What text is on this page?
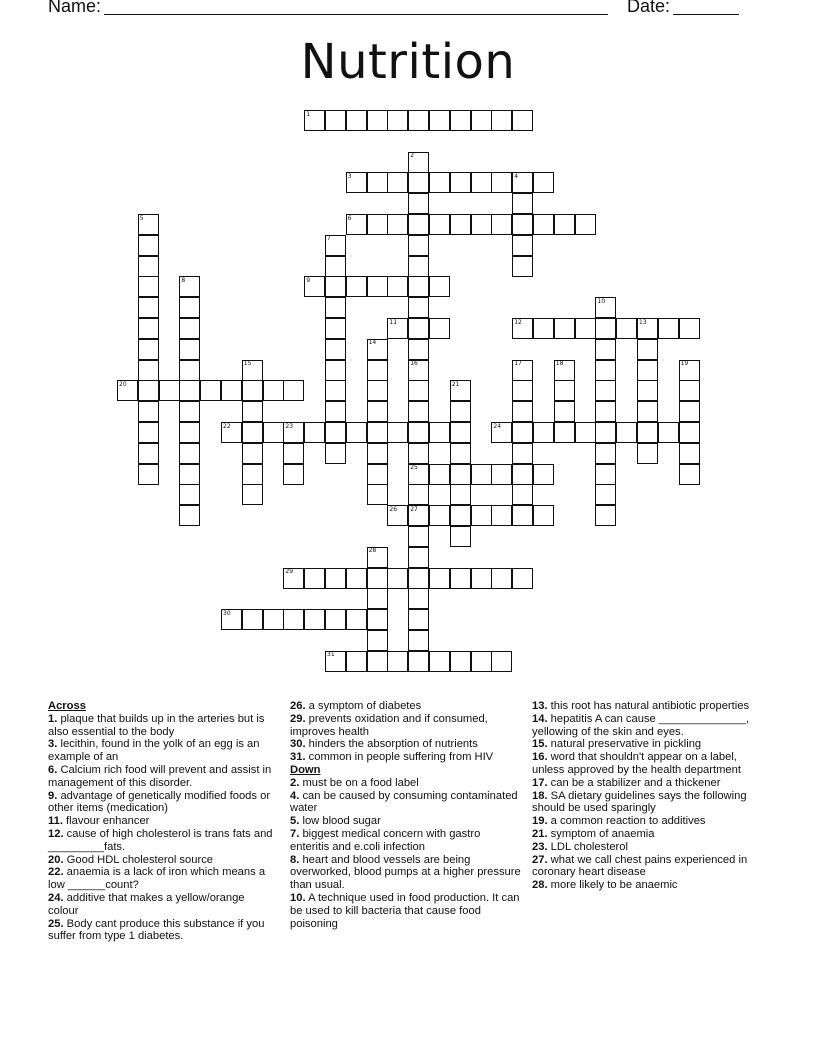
Name:	Date:
Nutrition
1
2
3	4
5	6
7
8	9
10
11	12	13
14
15	16	17	18	19
20	21
22	23	24
25
26 27
28
29
30
31

Across

1. plaque that builds up in the arteries but is also essential to the body

3. lecithin, found in the yolk of an egg is an example of an

6. Calcium rich food will prevent and assist in management of this disorder.

9. advantage of genetically modified foods or other items (medication)

11. flavour enhancer

12. cause of high cholesterol is trans fats and _________fats.

20. Good HDL cholesterol source

22. anaemia is a lack of iron which means a low ______count?

24. additive that makes a yellow/orange colour

25. Body cant produce this substance if you suffer from type 1 diabetes.

26. a symptom of diabetes

29. prevents oxidation and if consumed, improves health

30. hinders the absorption of nutrients

31. common in people suffering from HIV

Down

2. must be on a food label

4. can be caused by consuming contaminated water

5. low blood sugar

7. biggest medical concern with gastro enteritis and e.coli infection

8. heart and blood vessels are being overworked, blood pumps at a higher pressure than usual.

10. A technique used in food production. It can be used to kill bacteria that cause food poisoning

13. this root has natural antibiotic properties

14. hepatitis A can cause ______________, yellowing of the skin and eyes.

15. natural preservative in pickling

16. word that shouldn't appear on a label, unless approved by the health department

17. can be a stabilizer and a thickener

18. SA dietary guidelines says the following should be used sparingly

19. a common reaction to additives

21. symptom of anaemia

23. LDL cholesterol

27. what we call chest pains experienced in coronary heart disease

28. more likely to be anaemic
